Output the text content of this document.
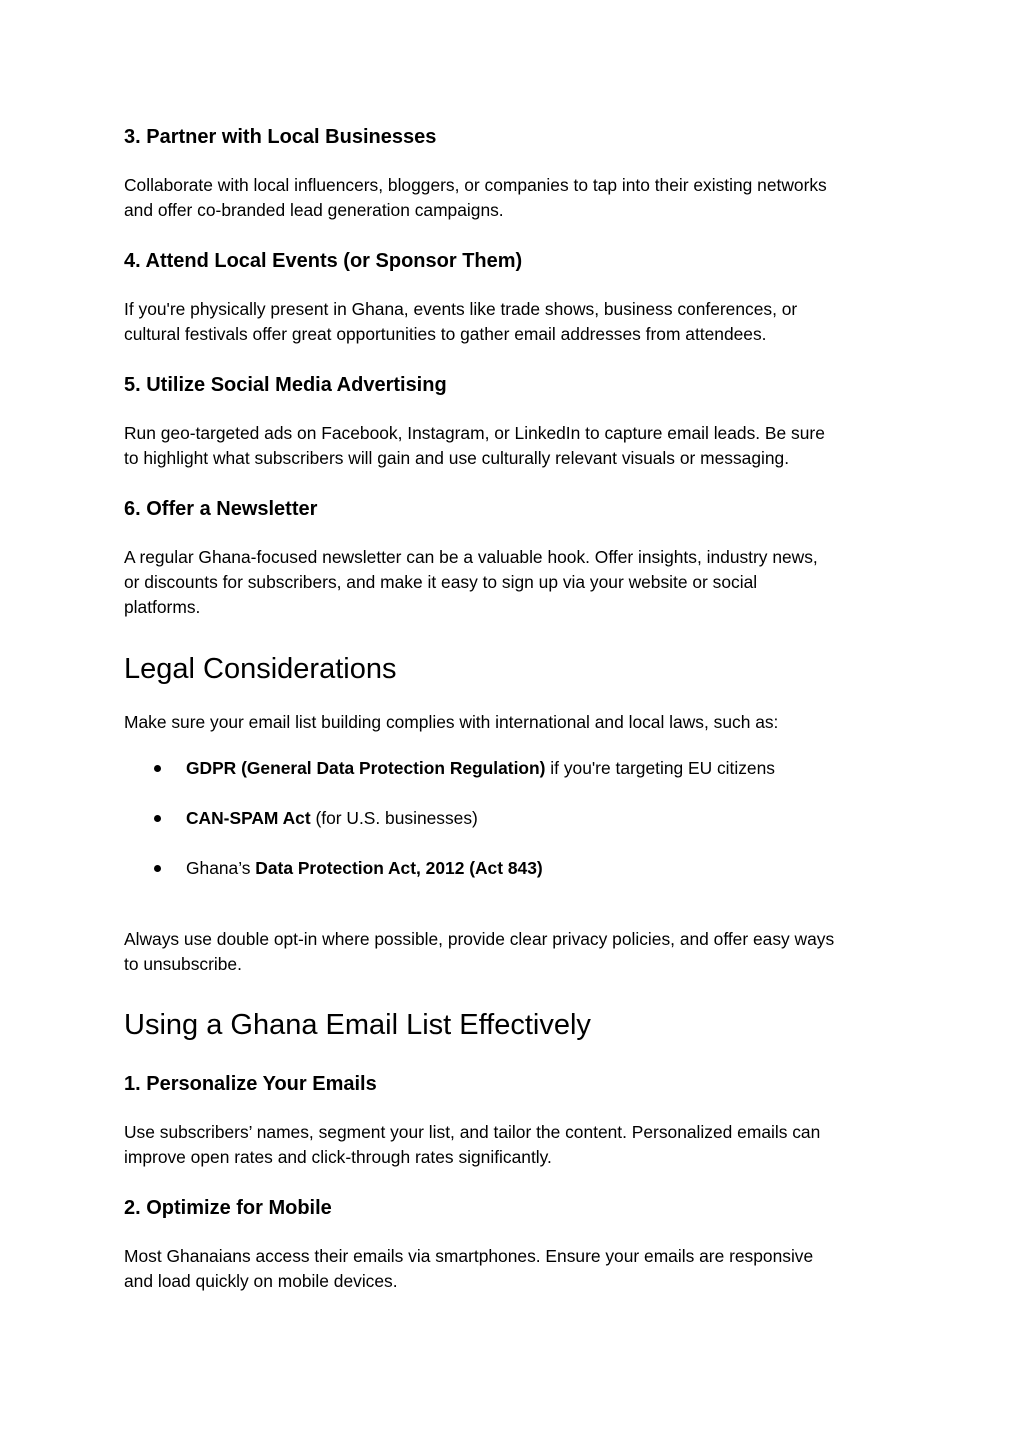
3. Partner with Local Businesses
Collaborate with local influencers, bloggers, or companies to tap into their existing networks
and offer co-branded lead generation campaigns.
4. Attend Local Events (or Sponsor Them)
If you're physically present in Ghana, events like trade shows, business conferences, or
cultural festivals offer great opportunities to gather email addresses from attendees.
5. Utilize Social Media Advertising
Run geo-targeted ads on Facebook, Instagram, or LinkedIn to capture email leads. Be sure
to highlight what subscribers will gain and use culturally relevant visuals or messaging.
6. Offer a Newsletter
A regular Ghana-focused newsletter can be a valuable hook. Offer insights, industry news,
or discounts for subscribers, and make it easy to sign up via your website or social
platforms.
Legal Considerations
Make sure your email list building complies with international and local laws, such as:
GDPR (General Data Protection Regulation) if you're targeting EU citizens
CAN-SPAM Act (for U.S. businesses)
Ghana’s Data Protection Act, 2012 (Act 843)
Always use double opt-in where possible, provide clear privacy policies, and offer easy ways
to unsubscribe.
Using a Ghana Email List Effectively
1. Personalize Your Emails
Use subscribers’ names, segment your list, and tailor the content. Personalized emails can
improve open rates and click-through rates significantly.
2. Optimize for Mobile
Most Ghanaians access their emails via smartphones. Ensure your emails are responsive
and load quickly on mobile devices.
